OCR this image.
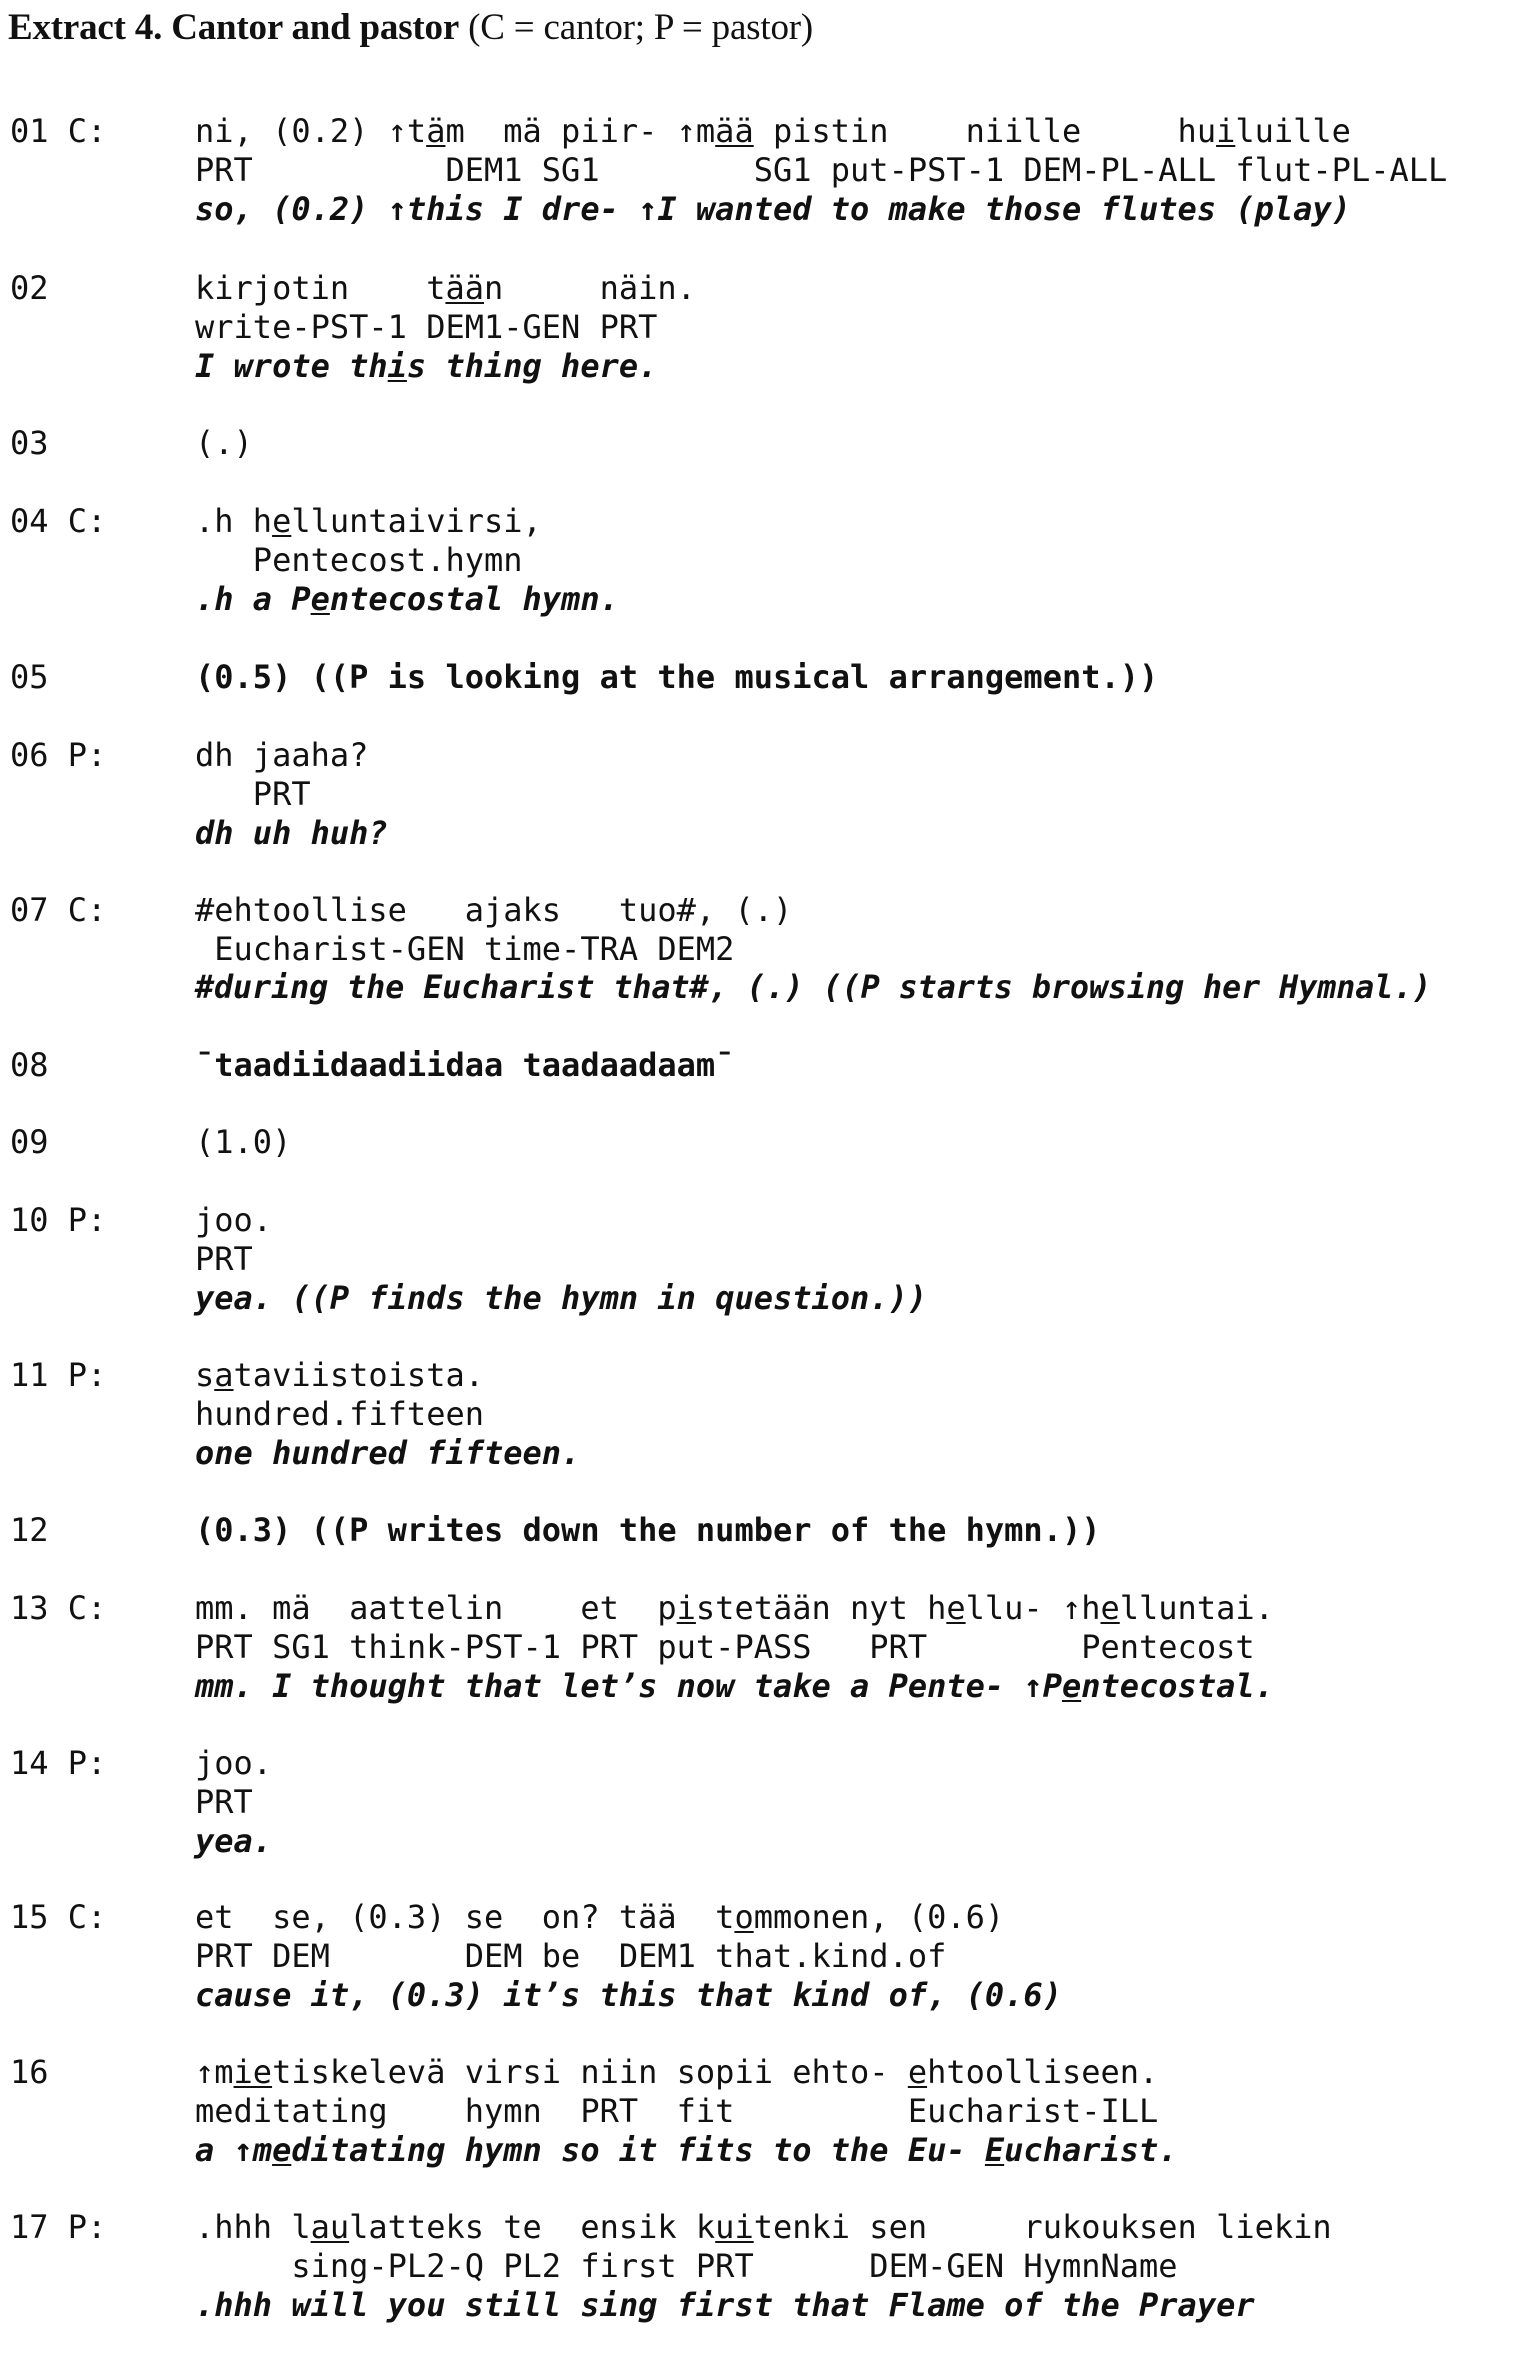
Extract 4. Cantor and pastor (C = cantor; P = pastor)
01 C:
02
03
04 C:
05
06 P:
07 C:
08
09
10 P:
11 P:
12
13 C:
14 P:
15 C:
16
17 P:
ni, (0.2) ↑täm  mä piir- ↑mää pistin    niille     huiluille
PRT          DEM1 SG1        SG1 put-PST-1 DEM-PL-ALL flut-PL-ALL
so, (0.2) ↑this I dre- ↑I wanted to make those flutes (play)
kirjotin    tään     näin.
write-PST-1 DEM1-GEN PRT
I wrote this thing here.
(.)
.h helluntaivirsi,
Pentecost.hymn
.h a Pentecostal hymn.
(0.5) ((P is looking at the musical arrangement.))
dh jaaha?
PRT
dh uh huh?
#ehtoollise   ajaks   tuo#, (.)
Eucharist-GEN time-TRA DEM2
#during the Eucharist that#, (.) ((P starts browsing her Hymnal.)
¯taadiidaadiidaa taadaadaam¯
(1.0)
joo.
PRT
yea. ((P finds the hymn in question.))
sataviistoista.
hundred.fifteen
one hundred fifteen.
(0.3) ((P writes down the number of the hymn.))
mm. mä  aattelin    et  pistetään nyt hellu- ↑helluntai.
PRT SG1 think-PST-1 PRT put-PASS   PRT        Pentecost
mm. I thought that let’s now take a Pente- ↑Pentecostal.
joo.
PRT
yea.
et  se, (0.3) se  on? tää  tommonen, (0.6)
PRT DEM       DEM be  DEM1 that.kind.of
cause it, (0.3) it’s this that kind of, (0.6)
↑mietiskelevä virsi niin sopii ehto- ehtoolliseen.
meditating    hymn  PRT  fit         Eucharist-ILL
a ↑meditating hymn so it fits to the Eu- Eucharist.
.hhh laulatteks te  ensik kuitenki sen     rukouksen liekin
sing-PL2-Q PL2 first PRT      DEM-GEN HymnName
.hhh will you still sing first that Flame of the Prayer
